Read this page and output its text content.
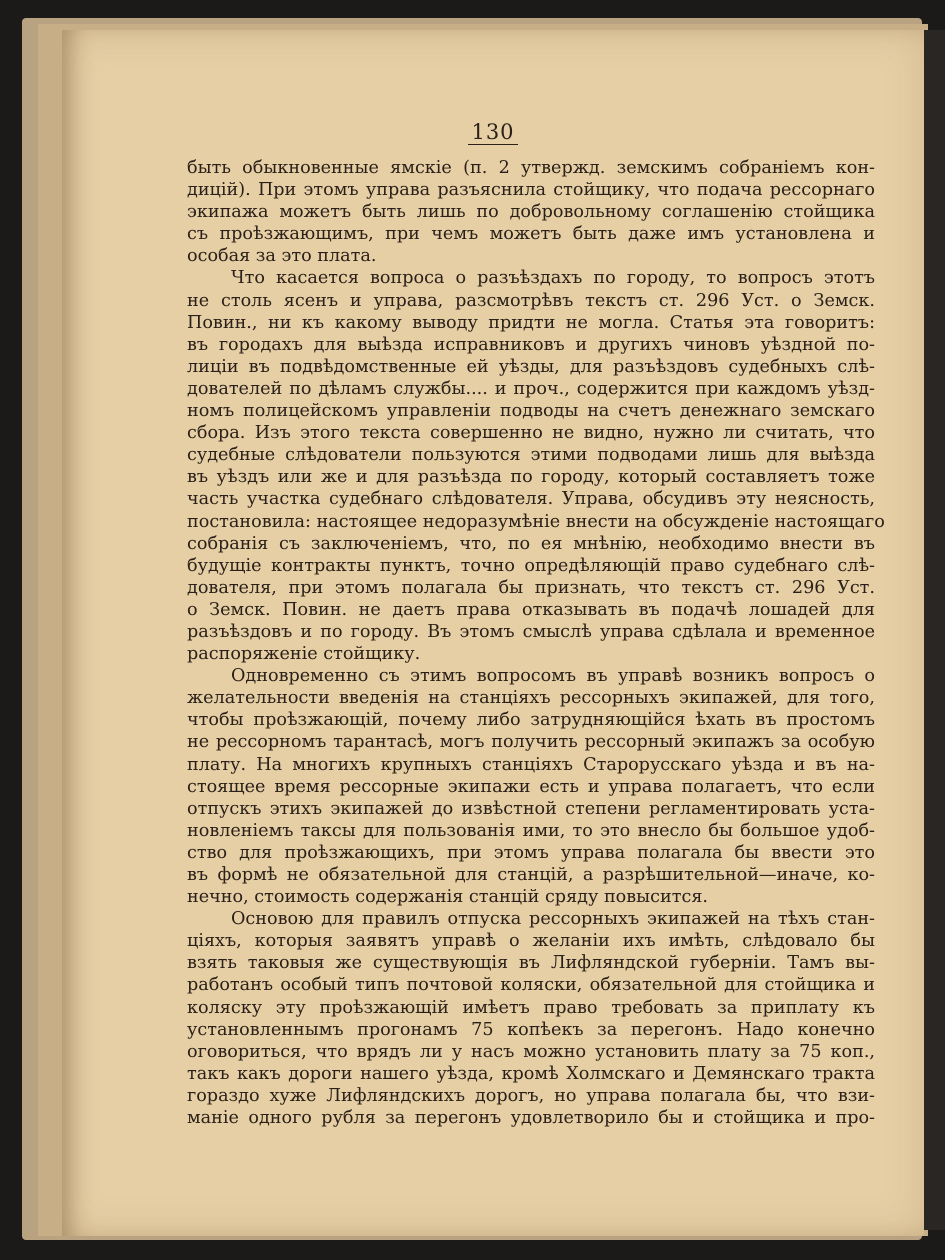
130
быть обыкновенные ямскіе (п. 2 утвержд. земскимъ собраніемъ кон-
дицій). При этомъ управа разъяснила стойщику, что подача рессорнаго
экипажа можетъ быть лишь по добровольному соглашенію стойщика
съ проѣзжающимъ, при чемъ можетъ быть даже имъ установлена и
особая за это плата.
Что касается вопроса о разъѣздахъ по городу, то вопросъ этотъ
не столь ясенъ и управа, разсмотрѣвъ текстъ ст. 296 Уст. о Земск.
Повин., ни къ какому выводу придти не могла. Статья эта говоритъ:
въ городахъ для выѣзда исправниковъ и другихъ чиновъ уѣздной по-
лиціи въ подвѣдомственные ей уѣзды, для разъѣздовъ судебныхъ слѣ-
дователей по дѣламъ службы.... и проч., содержится при каждомъ уѣзд-
номъ полицейскомъ управленіи подводы на счетъ денежнаго земскаго
сбора. Изъ этого текста совершенно не видно, нужно ли считать, что
судебные слѣдователи пользуются этими подводами лишь для выѣзда
въ уѣздъ или же и для разъѣзда по городу, который составляетъ тоже
часть участка судебнаго слѣдователя. Управа, обсудивъ эту неясность,
постановила: настоящее недоразумѣніе внести на обсужденіе настоящаго
собранія съ заключеніемъ, что, по ея мнѣнію, необходимо внести въ
будущіе контракты пунктъ, точно опредѣляющій право судебнаго слѣ-
дователя, при этомъ полагала бы признать, что текстъ ст. 296 Уст.
о Земск. Повин. не даетъ права отказывать въ подачѣ лошадей для
разъѣздовъ и по городу. Въ этомъ смыслѣ управа сдѣлала и временное
распоряженіе стойщику.
Одновременно съ этимъ вопросомъ въ управѣ возникъ вопросъ о
желательности введенія на станціяхъ рессорныхъ экипажей, для того,
чтобы проѣзжающій, почему либо затрудняющійся ѣхать въ простомъ
не рессорномъ тарантасѣ, могъ получить рессорный экипажъ за особую
плату. На многихъ крупныхъ станціяхъ Старорусскаго уѣзда и въ на-
стоящее время рессорные экипажи есть и управа полагаетъ, что если
отпускъ этихъ экипажей до извѣстной степени регламентировать уста-
новленіемъ таксы для пользованія ими, то это внесло бы большое удоб-
ство для проѣзжающихъ, при этомъ управа полагала бы ввести это
въ формѣ не обязательной для станцій, а разрѣшительной—иначе, ко-
нечно, стоимость содержанія станцій сряду повысится.
Основою для правилъ отпуска рессорныхъ экипажей на тѣхъ стан-
ціяхъ, которыя заявятъ управѣ о желаніи ихъ имѣть, слѣдовало бы
взять таковыя же существующія въ Лифляндской губерніи. Тамъ вы-
работанъ особый типъ почтовой коляски, обязательной для стойщика и
коляску эту проѣзжающій имѣетъ право требовать за приплату къ
установленнымъ прогонамъ 75 копѣекъ за перегонъ. Надо конечно
оговориться, что врядъ ли у насъ можно установить плату за 75 коп.,
такъ какъ дороги нашего уѣзда, кромѣ Холмскаго и Демянскаго тракта
гораздо хуже Лифляндскихъ дорогъ, но управа полагала бы, что взи-
маніе одного рубля за перегонъ удовлетворило бы и стойщика и про-
